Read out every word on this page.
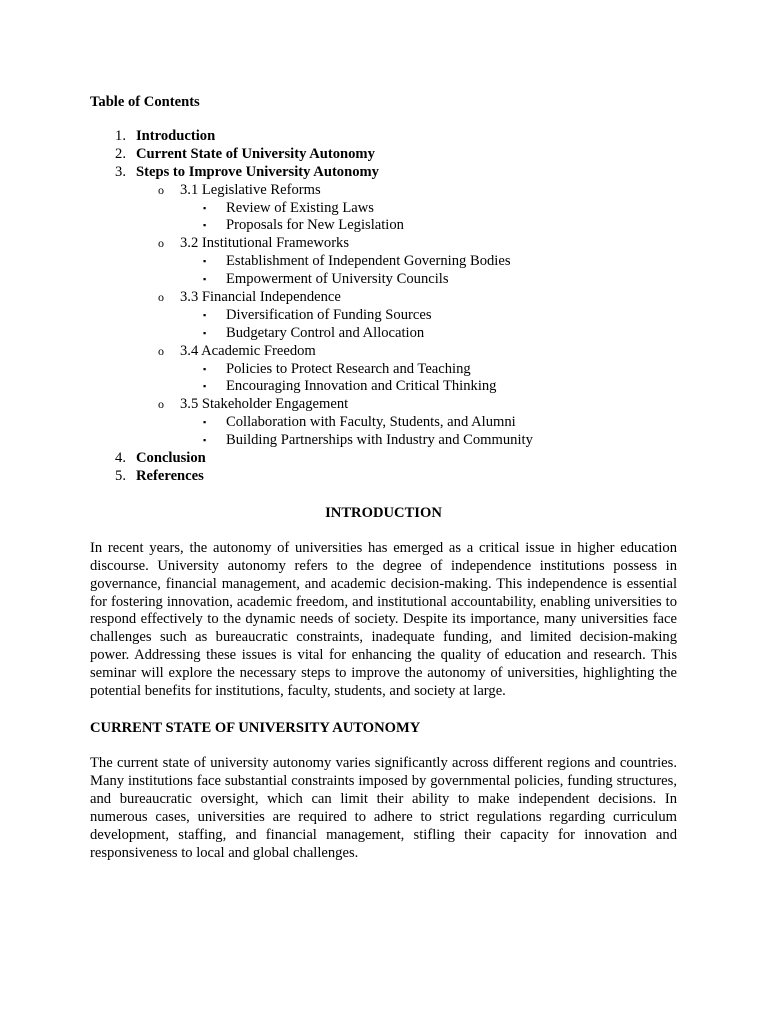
Table of Contents
1. Introduction
2. Current State of University Autonomy
3. Steps to Improve University Autonomy
o 3.1 Legislative Reforms
▪ Review of Existing Laws
▪ Proposals for New Legislation
o 3.2 Institutional Frameworks
▪ Establishment of Independent Governing Bodies
▪ Empowerment of University Councils
o 3.3 Financial Independence
▪ Diversification of Funding Sources
▪ Budgetary Control and Allocation
o 3.4 Academic Freedom
▪ Policies to Protect Research and Teaching
▪ Encouraging Innovation and Critical Thinking
o 3.5 Stakeholder Engagement
▪ Collaboration with Faculty, Students, and Alumni
▪ Building Partnerships with Industry and Community
4. Conclusion
5. References
INTRODUCTION

In recent years, the autonomy of universities has emerged as a critical issue in higher education discourse. University autonomy refers to the degree of independence institutions possess in governance, financial management, and academic decision-making. This independence is essential for fostering innovation, academic freedom, and institutional accountability, enabling universities to respond effectively to the dynamic needs of society. Despite its importance, many universities face challenges such as bureaucratic constraints, inadequate funding, and limited decision-making power. Addressing these issues is vital for enhancing the quality of education and research. This seminar will explore the necessary steps to improve the autonomy of universities, highlighting the potential benefits for institutions, faculty, students, and society at large.

CURRENT STATE OF UNIVERSITY AUTONOMY

The current state of university autonomy varies significantly across different regions and countries. Many institutions face substantial constraints imposed by governmental policies, funding structures, and bureaucratic oversight, which can limit their ability to make independent decisions. In numerous cases, universities are required to adhere to strict regulations regarding curriculum development, staffing, and financial management, stifling their capacity for innovation and responsiveness to local and global challenges.
